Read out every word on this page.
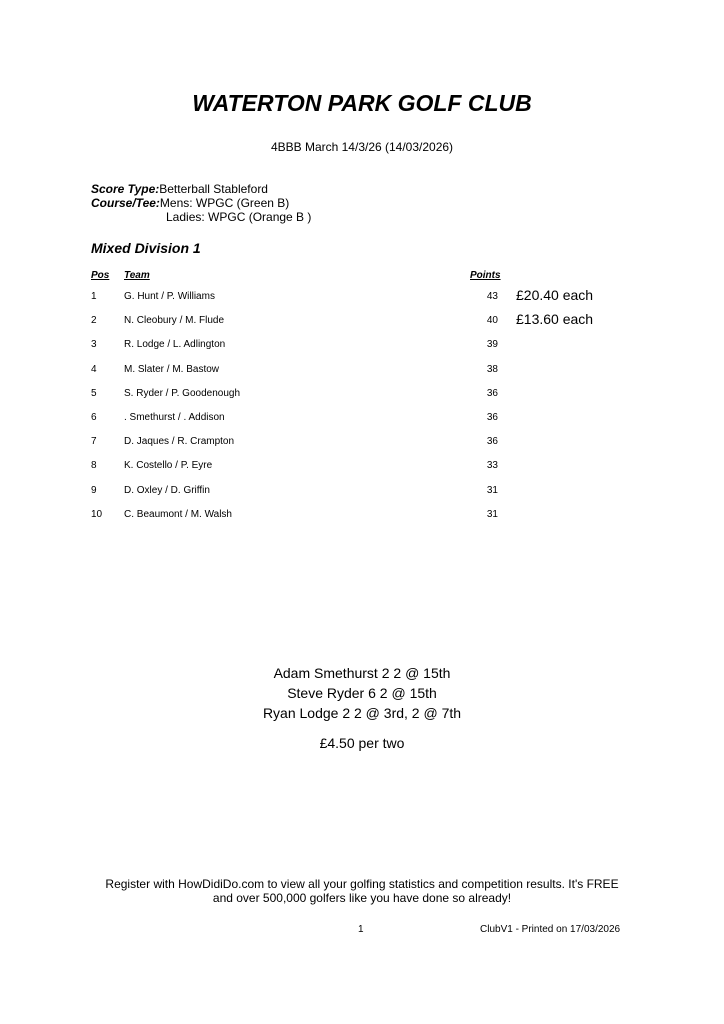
WATERTON PARK GOLF CLUB
4BBB March 14/3/26 (14/03/2026)
Score Type:Betterball Stableford
Course/Tee:Mens: WPGC (Green B)
Ladies: WPGC (Orange B )
Mixed Division 1
Pos Team	Points
1	G. Hunt / P. Williams	43 £20.40 each
2	N. Cleobury / M. Flude	40 £13.60 each
3	R. Lodge / L. Adlington	39
4	M. Slater / M. Bastow	38
5	S. Ryder / P. Goodenough	36
6	. Smethurst / . Addison	36
7	D. Jaques / R. Crampton	36
8	K. Costello / P. Eyre	33
9	D. Oxley / D. Griffin	31
10 C. Beaumont / M. Walsh	31
Adam Smethurst 2 2 @ 15th
Steve Ryder 6 2 @ 15th
Ryan Lodge 2 2 @ 3rd, 2 @ 7th
£4.50 per two
Register with HowDidiDo.com to view all your golfing statistics and competition results. It's FREE
and over 500,000 golfers like you have done so already!
1	ClubV1 - Printed on 17/03/2026
